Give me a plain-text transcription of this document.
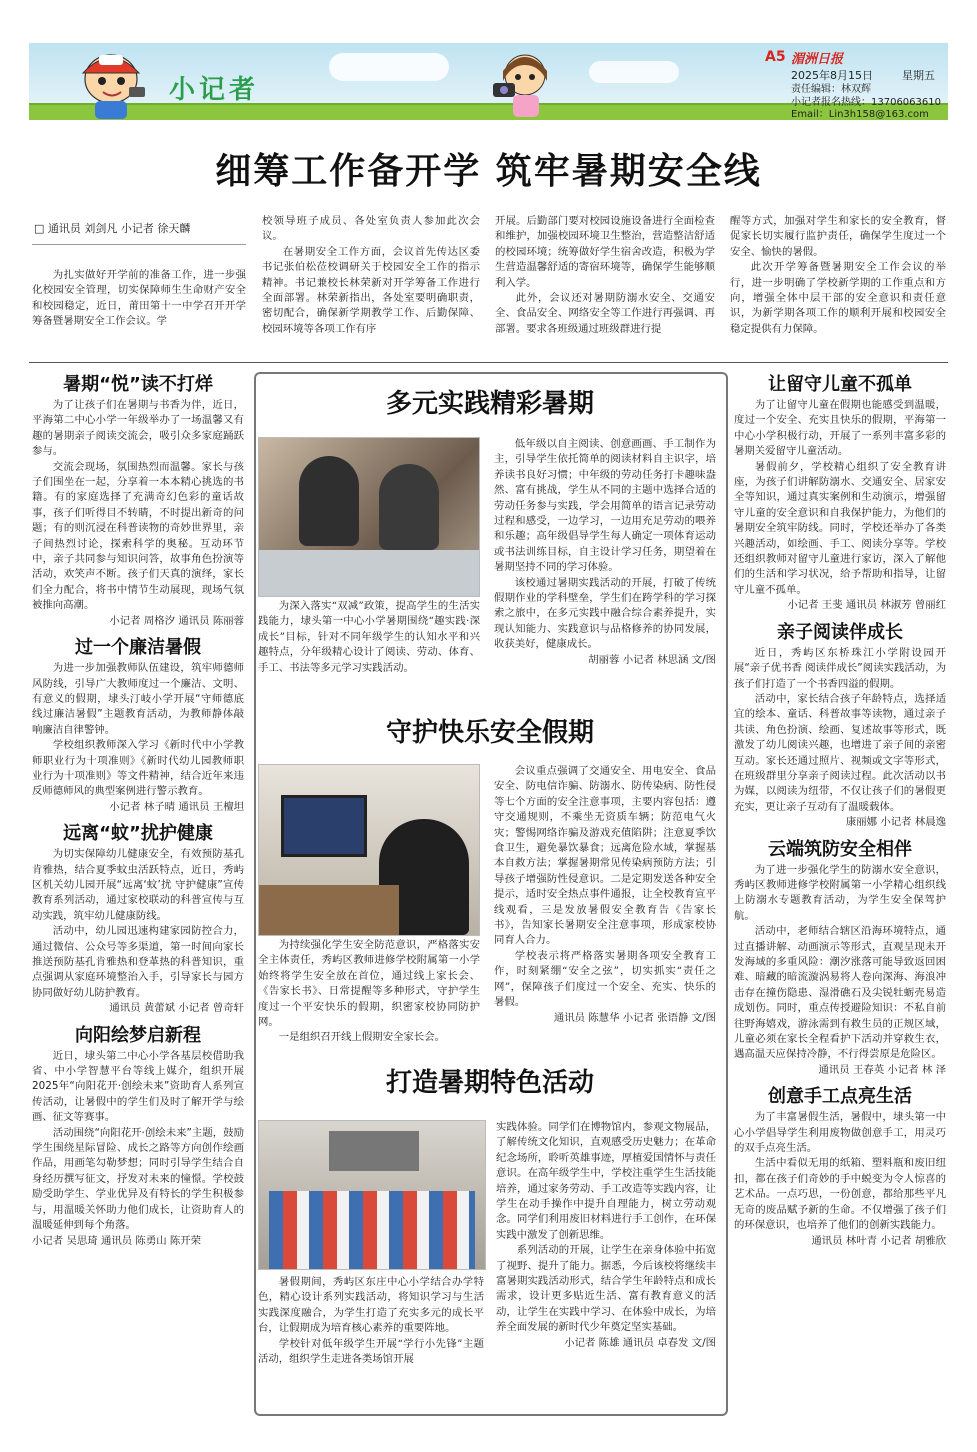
小记者
A5 湄洲日报
2025年8月15日	星期五
责任编辑：林双辉
小记者报名热线：13706063610
Email：Lin3h158@163.com
细筹工作备开学 筑牢暑期安全线
□ 通讯员 刘剑凡 小记者 徐天麟

为扎实做好开学前的准备工作，进一步强化校园安全管理，切实保障师生生命财产安全和校园稳定，近日，莆田第十一中学召开开学筹备暨暑期安全工作会议。学

校领导班子成员、各处室负责人参加此次会议。

在暑期安全工作方面，会议首先传达区委书记张伯松莅校调研关于校园安全工作的指示精神。书记兼校长林荣新对开学筹备工作进行全面部署。林荣新指出，各处室要明确职责，密切配合，确保新学期教学工作、后勤保障、校园环境等各项工作有序

开展。后勤部门要对校园设施设备进行全面检查和维护，加强校园环境卫生整治，营造整洁舒适的校园环境；统筹做好学生宿舍改造，积极为学生营造温馨舒适的寄宿环境等，确保学生能够顺利入学。

此外，会议还对暑期防溺水安全、交通安全、食品安全、网络安全等工作进行再强调、再部署。要求各班级通过班级群进行提

醒等方式，加强对学生和家长的安全教育，督促家长切实履行监护责任，确保学生度过一个安全、愉快的暑假。

此次开学筹备暨暑期安全工作会议的举行，进一步明确了学校新学期的工作重点和方向，增强全体中层干部的安全意识和责任意识，为新学期各项工作的顺利开展和校园安全稳定提供有力保障。

暑期“悦”读不打烊

为了让孩子们在暑期与书香为伴，近日，平海第二中心小学一年级举办了一场温馨又有趣的暑期亲子阅读交流会，吸引众多家庭踊跃参与。

交流会现场，氛围热烈而温馨。家长与孩子们围坐在一起，分享着一本本精心挑选的书籍。有的家庭选择了充满奇幻色彩的童话故事，孩子们听得目不转睛，不时提出新奇的问题；有的则沉浸在科普读物的奇妙世界里，亲子间热烈讨论，探索科学的奥秘。互动环节中，亲子共同参与知识问答，故事角色扮演等活动，欢笑声不断。孩子们天真的演绎，家长们全力配合，将书中情节生动展现，现场气氛被推向高潮。

小记者 周格汐 通讯员 陈丽蓉

过一个廉洁暑假

为进一步加强教师队伍建设，筑牢师德师风防线，引导广大教师度过一个廉洁、文明、有意义的假期，埭头汀岐小学开展“守师德底线过廉洁暑假”主题教育活动，为教师静体敲响廉洁自律警钟。

学校组织教师深入学习《新时代中小学教师职业行为十项准则》《新时代幼儿园教师职业行为十项准则》等文件精神，结合近年来违反师德师风的典型案例进行警示教育。

小记者 林子晴 通讯员 王檀坦

远离“蚊”扰护健康

为切实保障幼儿健康安全，有效预防基孔肯雅热，结合夏季蚊虫活跃特点，近日，秀屿区机关幼儿园开展“远离‘蚊’扰 守护健康”宣传教育系列活动，通过家校联动的科普宣传与互动实践，筑牢幼儿健康防线。

活动中，幼儿园迅速构建家园防控合力，通过微信、公众号等多渠道，第一时间向家长推送预防基孔肯雅热和登革热的科普知识，重点强调从家庭环境整治入手，引导家长与园方协同做好幼儿防护教育。

通讯员 黄蕾斌 小记者 曾奇轩

向阳绘梦启新程

近日，埭头第二中心小学各基层校借助我省、中小学智慧平台等线上媒介，组织开展2025年“向阳花开·创绘未来”资助育人系列宣传活动，让暑假中的学生们及时了解开学与绘画、征文等赛事。

活动围绕“向阳花开·创绘未来”主题，鼓励学生围绕星际冒险、成长之路等方向创作绘画作品，用画笔勾勒梦想；同时引导学生结合自身经历撰写征文，抒发对未来的憧憬。学校鼓励受助学生、学业优异及有特长的学生积极参与，用温暖关怀助力他们成长，让资助育人的温暖延伸到每个角落。

小记者 吴思琦 通讯员 陈勇山 陈开荣

让留守儿童不孤单

为了让留守儿童在假期也能感受到温暖，度过一个安全、充实且快乐的假期，平海第一中心小学积极行动，开展了一系列丰富多彩的暑期关爱留守儿童活动。

暑假前夕，学校精心组织了安全教育讲座，为孩子们讲解防溺水、交通安全、居家安全等知识，通过真实案例和生动演示，增强留守儿童的安全意识和自我保护能力，为他们的暑期安全筑牢防线。同时，学校还举办了各类兴趣活动，如绘画、手工、阅读分享等。学校还组织教师对留守儿童进行家访，深入了解他们的生活和学习状况，给予帮助和指导，让留守儿童不孤单。

小记者 王斐 通讯员 林淑芳 曾丽红

亲子阅读伴成长

近日，秀屿区东桥珠江小学附设园开展“亲子优书香 阅读伴成长”阅读实践活动，为孩子们打造了一个书香四溢的假期。

活动中，家长结合孩子年龄特点，选择适宜的绘本、童话、科普故事等读物，通过亲子共读、角色扮演、绘画、复述故事等形式，既激发了幼儿阅读兴趣，也增进了亲子间的亲密互动。家长还通过照片、视频或文字等形式，在班级群里分享亲子阅读过程。此次活动以书为媒，以阅读为纽带，不仅让孩子们的暑假更充实，更让亲子互动有了温暖载体。

康丽娜 小记者 林晨逸

云端筑防安全相伴

为了进一步强化学生的防溺水安全意识，秀屿区教师进修学校附属第一小学精心组织线上防溺水专题教育活动，为学生安全保驾护航。

活动中，老师结合辖区沿海环境特点，通过直播讲解、动画演示等形式，直观呈现未开发海域的多重风险：潮汐涨落可能导致返回困难、暗藏的暗流漩涡易将人卷向深海、海浪冲击存在撞伤隐患、湿滑礁石及尖锐牡蛎壳易造成划伤。同时，重点传授避险知识：不私自前往野海嬉戏，游泳需到有救生员的正规区域，儿童必须在家长全程看护下活动并穿救生衣，遇高温天应保持冷静，不行得尝原是危险区。

通讯员 王春英 小记者 林 泽

创意手工点亮生活

为了丰富暑假生活，暑假中，埭头第一中心小学倡导学生利用废物做创意手工，用灵巧的双手点亮生活。

生活中看似无用的纸箱、塑料瓶和废旧纽扣，都在孩子们奇妙的手中蜕变为令人惊喜的艺术品。一点巧思，一份创意，都给那些平凡无奇的废品赋予新的生命。不仅增强了孩子们的环保意识，也培养了他们的创新实践能力。

通讯员 林叶青 小记者 胡雅欣

多元实践精彩暑期

低年级以自主阅读、创意画画、手工制作为主，引导学生依托简单的阅读材料自主识字，培养读书良好习惯；中年级的劳动任务打卡趣味盎然、富有挑战，学生从不同的主题中选择合适的劳动任务参与实践，学会用简单的语言记录劳动过程和感受，一边学习，一边用充足劳动的喂养和乐趣；高年级倡导学生每人确定一项体育运动或书法训练目标，自主设计学习任务，期望着在暑期坚持不同的学习体验。

该校通过暑期实践活动的开展，打破了传统假期作业的学科壁垒，学生们在跨学科的学习探索之旅中，在多元实践中融合综合素养提升，实现认知能力、实践意识与品格修养的协同发展，收获美好，健康成长。

胡丽蓉 小记者 林思涵 文/图

为深入落实“双减”政策，提高学生的生活实践能力，埭头第一中心小学暑期围绕“趣实践·深成长”目标，针对不同年级学生的认知水平和兴趣特点，分年级精心设计了阅读、劳动、体育、手工、书法等多元学习实践活动。

守护快乐安全假期

会议重点强调了交通安全、用电安全、食品安全、防电信诈骗、防溺水、防传染病、防性侵等七个方面的安全注意事项，主要内容包括：遵守交通规则，不乘坐无资质车辆；防范电气火灾；警惕网络诈骗及游戏充值陷阱；注意夏季饮食卫生，避免暴饮暴食；远离危险水域，掌握基本自救方法；掌握暑期常见传染病预防方法；引导孩子增强防性侵意识。二是定期发送各种安全提示，适时安全热点事件通报，让全校教育宣平线观看，三是发放暑假安全教育告《告家长书》，告知家长暑期安全注意事项，形成家校协同育人合力。

学校表示将严格落实暑期各项安全教育工作，时刻紧绷“安全之弦”，切实抓实“责任之网”，保障孩子们度过一个安全、充实、快乐的暑假。

通讯员 陈慧华 小记者 张语静 文/图

为持续强化学生安全防范意识，严格落实安全主体责任，秀屿区教师进修学校附属第一小学始终将学生安全放在首位，通过线上家长会、《告家长书》、日常提醒等多种形式，守护学生度过一个平安快乐的假期，织密家校协同防护网。

一是组织召开线上假期安全家长会。

打造暑期特色活动

实践体验。同学们在博物馆内，参观文物展品，了解传统文化知识，直观感受历史魅力；在革命纪念场所，聆听英雄事迹，厚植爱国情怀与责任意识。在高年级学生中，学校注重学生生活技能培养，通过家务劳动、手工改造等实践内容，让学生在动手操作中提升自理能力，树立劳动观念。同学们利用废旧材料进行手工创作，在环保实践中激发了创新思维。

系列活动的开展，让学生在亲身体验中拓宽了视野、提升了能力。据悉，今后该校将继续丰富暑期实践活动形式，结合学生年龄特点和成长需求，设计更多贴近生活、富有教育意义的活动，让学生在实践中学习、在体验中成长，为培养全面发展的新时代少年奠定坚实基础。

小记者 陈雄 通讯员 卓春发 文/图

暑假期间，秀屿区东庄中心小学结合办学特色，精心设计系列实践活动，将知识学习与生活实践深度融合，为学生打造了充实多元的成长平台，让假期成为培育核心素养的重要阵地。

学校针对低年级学生开展“学行小先锋”主题活动，组织学生走进各类场馆开展
